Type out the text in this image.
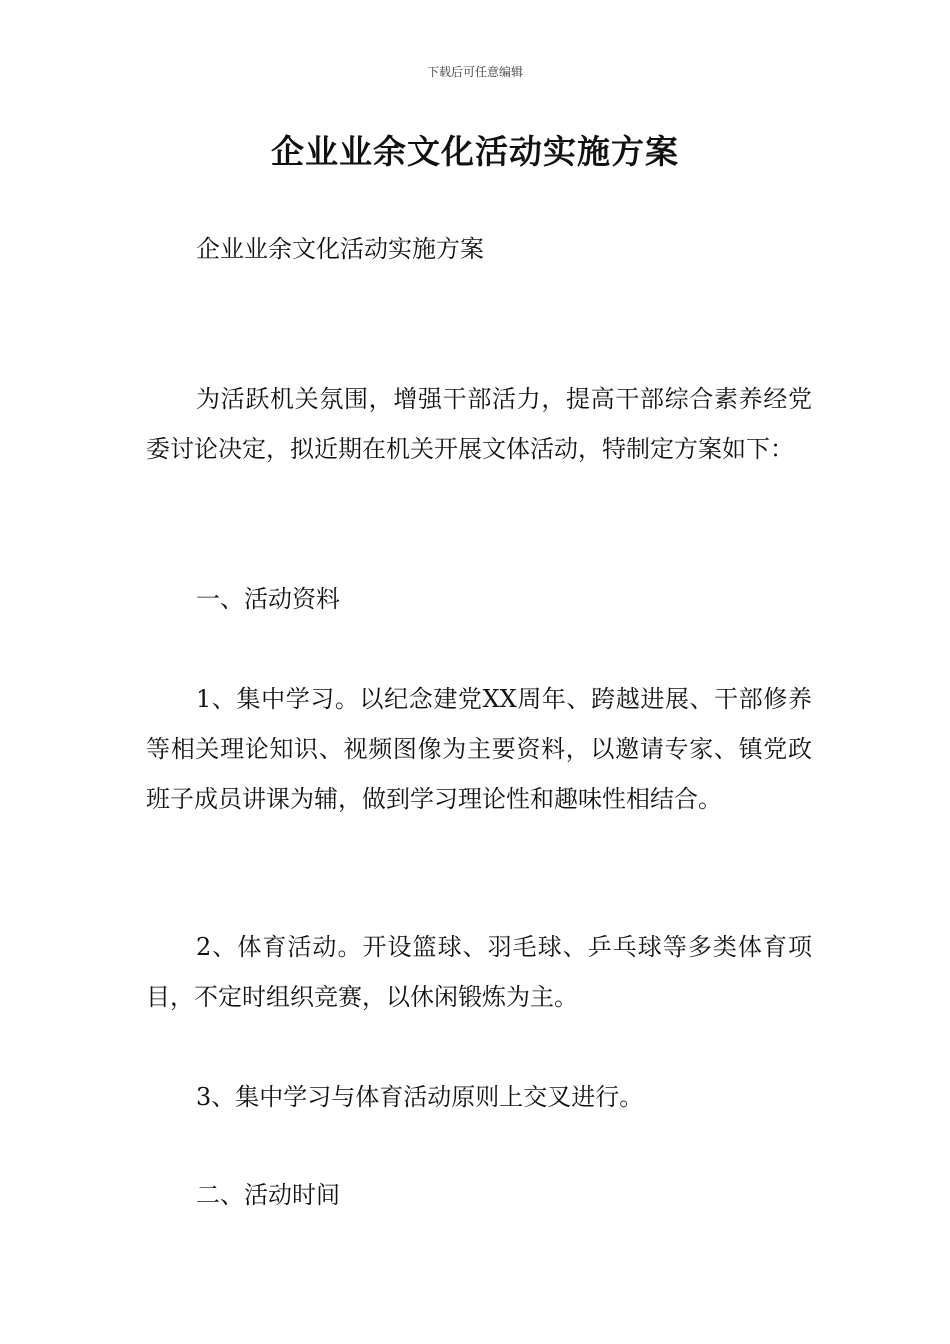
下载后可任意编辑
企业业余文化活动实施方案

企业业余文化活动实施方案

为活跃机关氛围，增强干部活力，提高干部综合素养经党委讨论决定，拟近期在机关开展文体活动，特制定方案如下：

一、活动资料

1、集中学习。以纪念建党XX周年、跨越进展、干部修养等相关理论知识、视频图像为主要资料，以邀请专家、镇党政班子成员讲课为辅，做到学习理论性和趣味性相结合。

2、体育活动。开设篮球、羽毛球、乒乓球等多类体育项目，不定时组织竞赛，以休闲锻炼为主。

3、集中学习与体育活动原则上交叉进行。

二、活动时间
